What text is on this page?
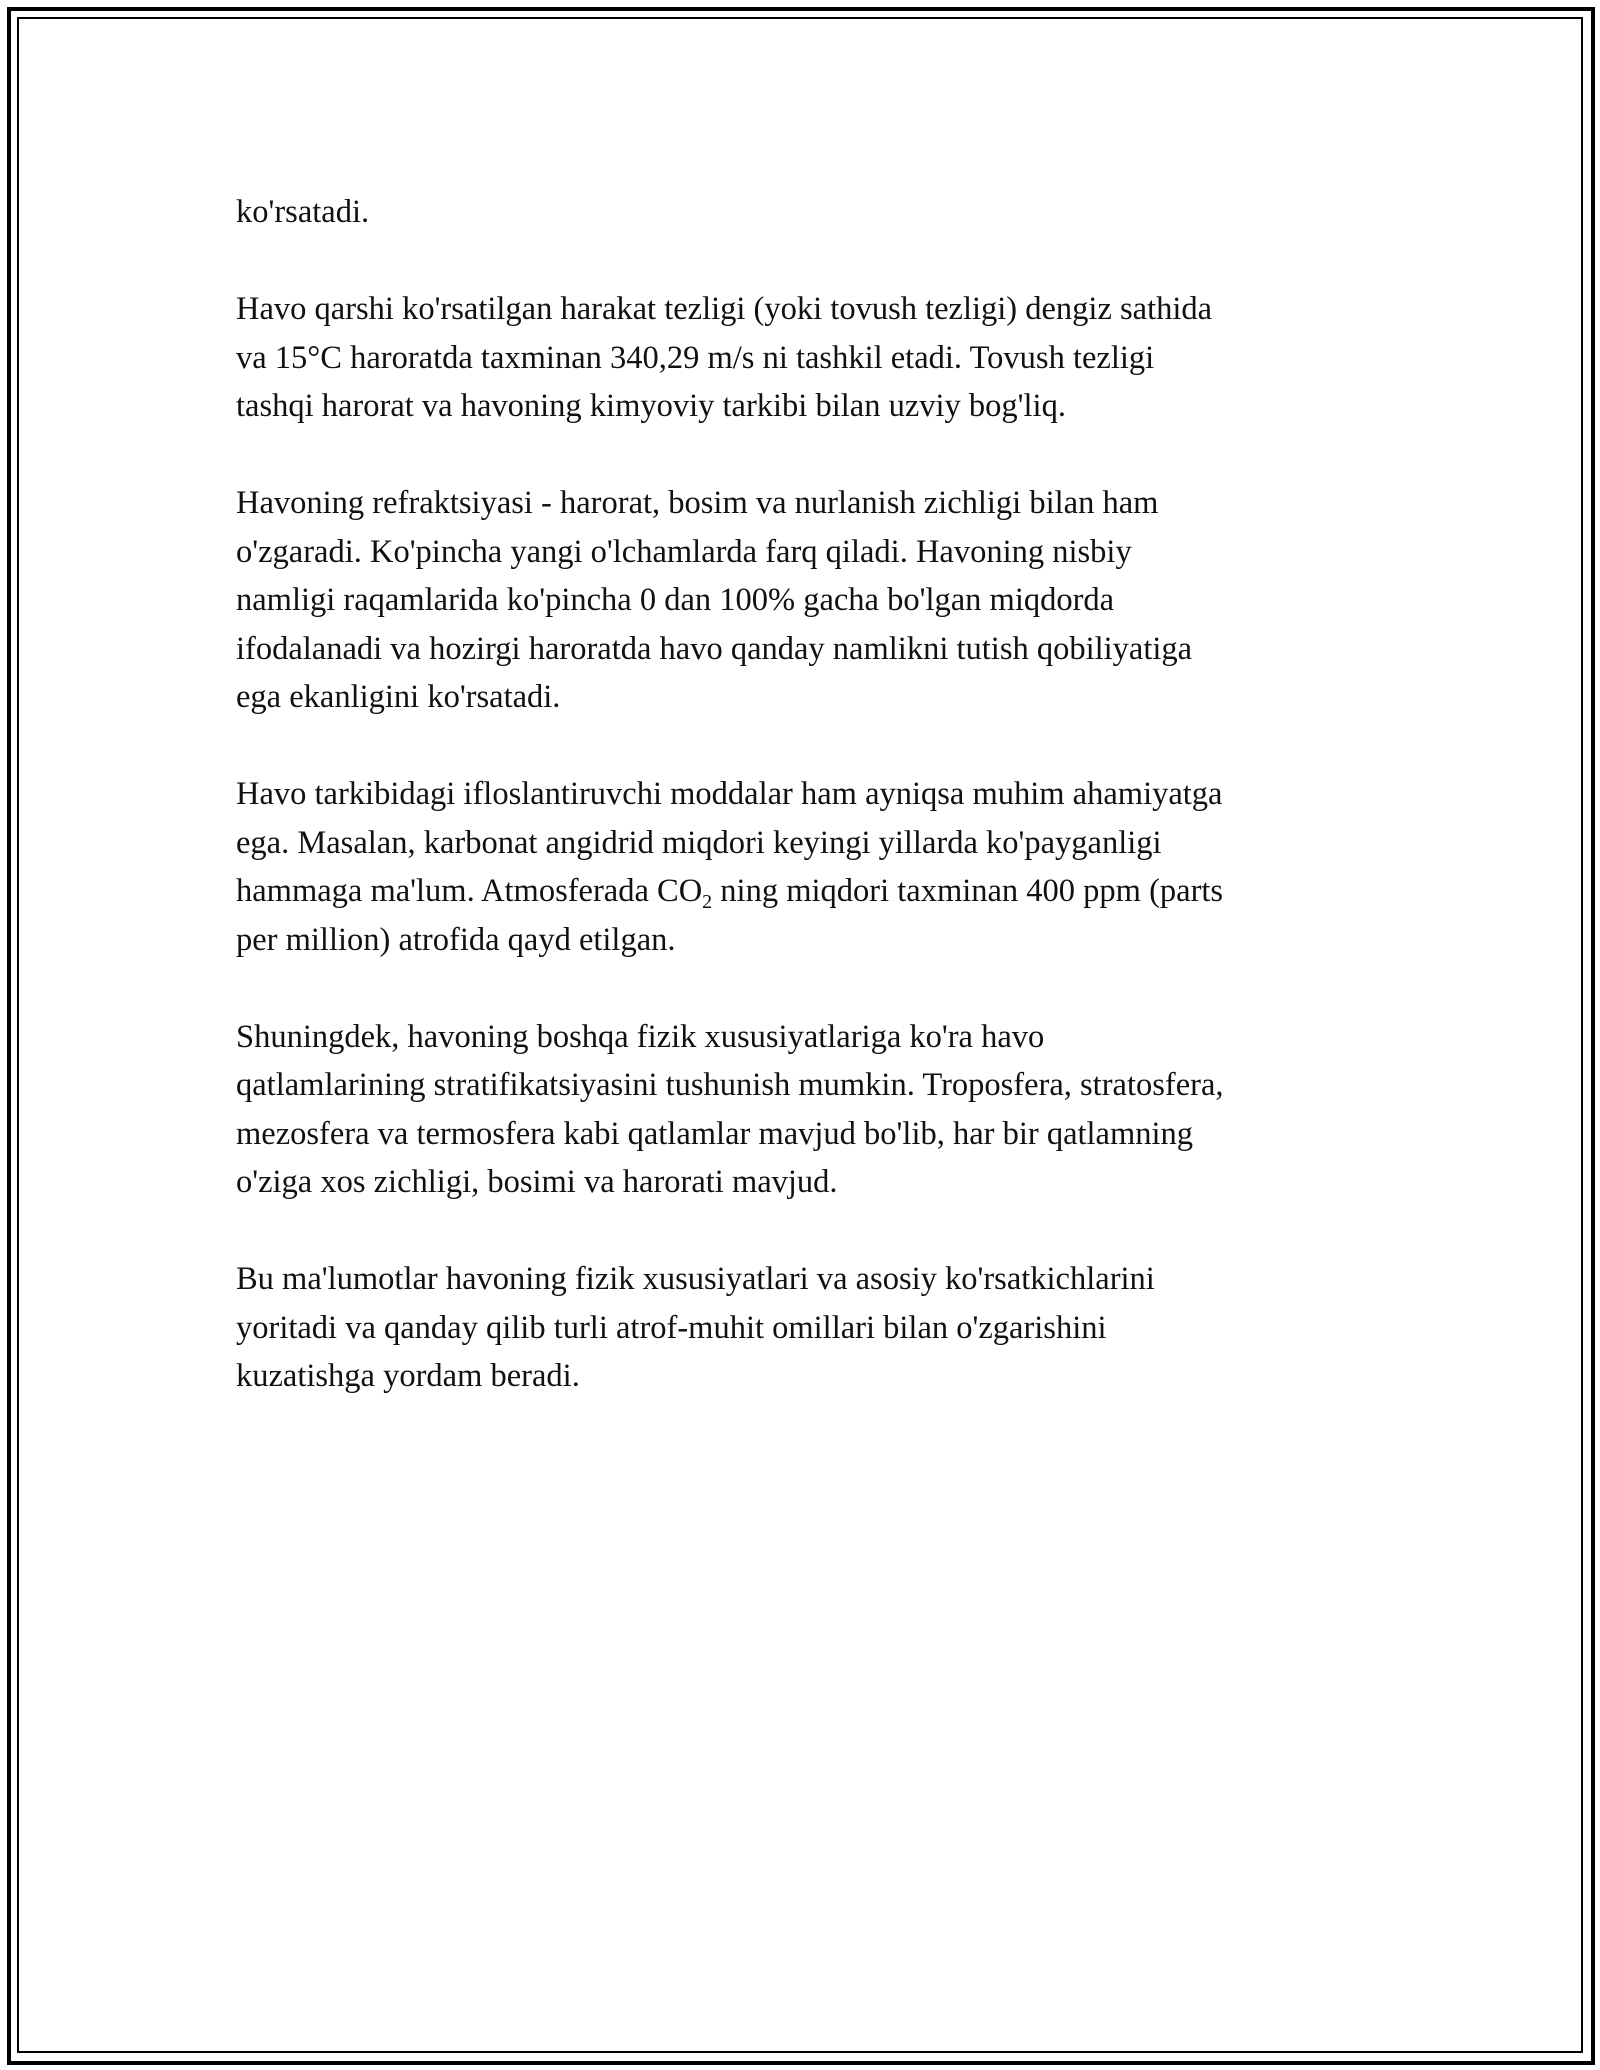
ko'rsatadi.

Havo qarshi ko'rsatilgan harakat tezligi (yoki tovush tezligi) dengiz sathida
va 15°C haroratda taxminan 340,29 m/s ni tashkil etadi. Tovush tezligi
tashqi harorat va havoning kimyoviy tarkibi bilan uzviy bog'liq.

Havoning refraktsiyasi - harorat, bosim va nurlanish zichligi bilan ham
o'zgaradi. Ko'pincha yangi o'lchamlarda farq qiladi. Havoning nisbiy
namligi raqamlarida ko'pincha 0 dan 100% gacha bo'lgan miqdorda
ifodalanadi va hozirgi haroratda havo qanday namlikni tutish qobiliyatiga
ega ekanligini ko'rsatadi.

Havo tarkibidagi ifloslantiruvchi moddalar ham ayniqsa muhim ahamiyatga
ega. Masalan, karbonat angidrid miqdori keyingi yillarda ko'payganligi
hammaga ma'lum. Atmosferada $CO_2$ ning miqdori taxminan 400 ppm (parts
per million) atrofida qayd etilgan.

Shuningdek, havoning boshqa fizik xususiyatlariga ko'ra havo
qatlamlarining stratifikatsiyasini tushunish mumkin. Troposfera, stratosfera,
mezosfera va termosfera kabi qatlamlar mavjud bo'lib, har bir qatlamning
o'ziga xos zichligi, bosimi va harorati mavjud.

Bu ma'lumotlar havoning fizik xususiyatlari va asosiy ko'rsatkichlarini
yoritadi va qanday qilib turli atrof-muhit omillari bilan o'zgarishini
kuzatishga yordam beradi.
